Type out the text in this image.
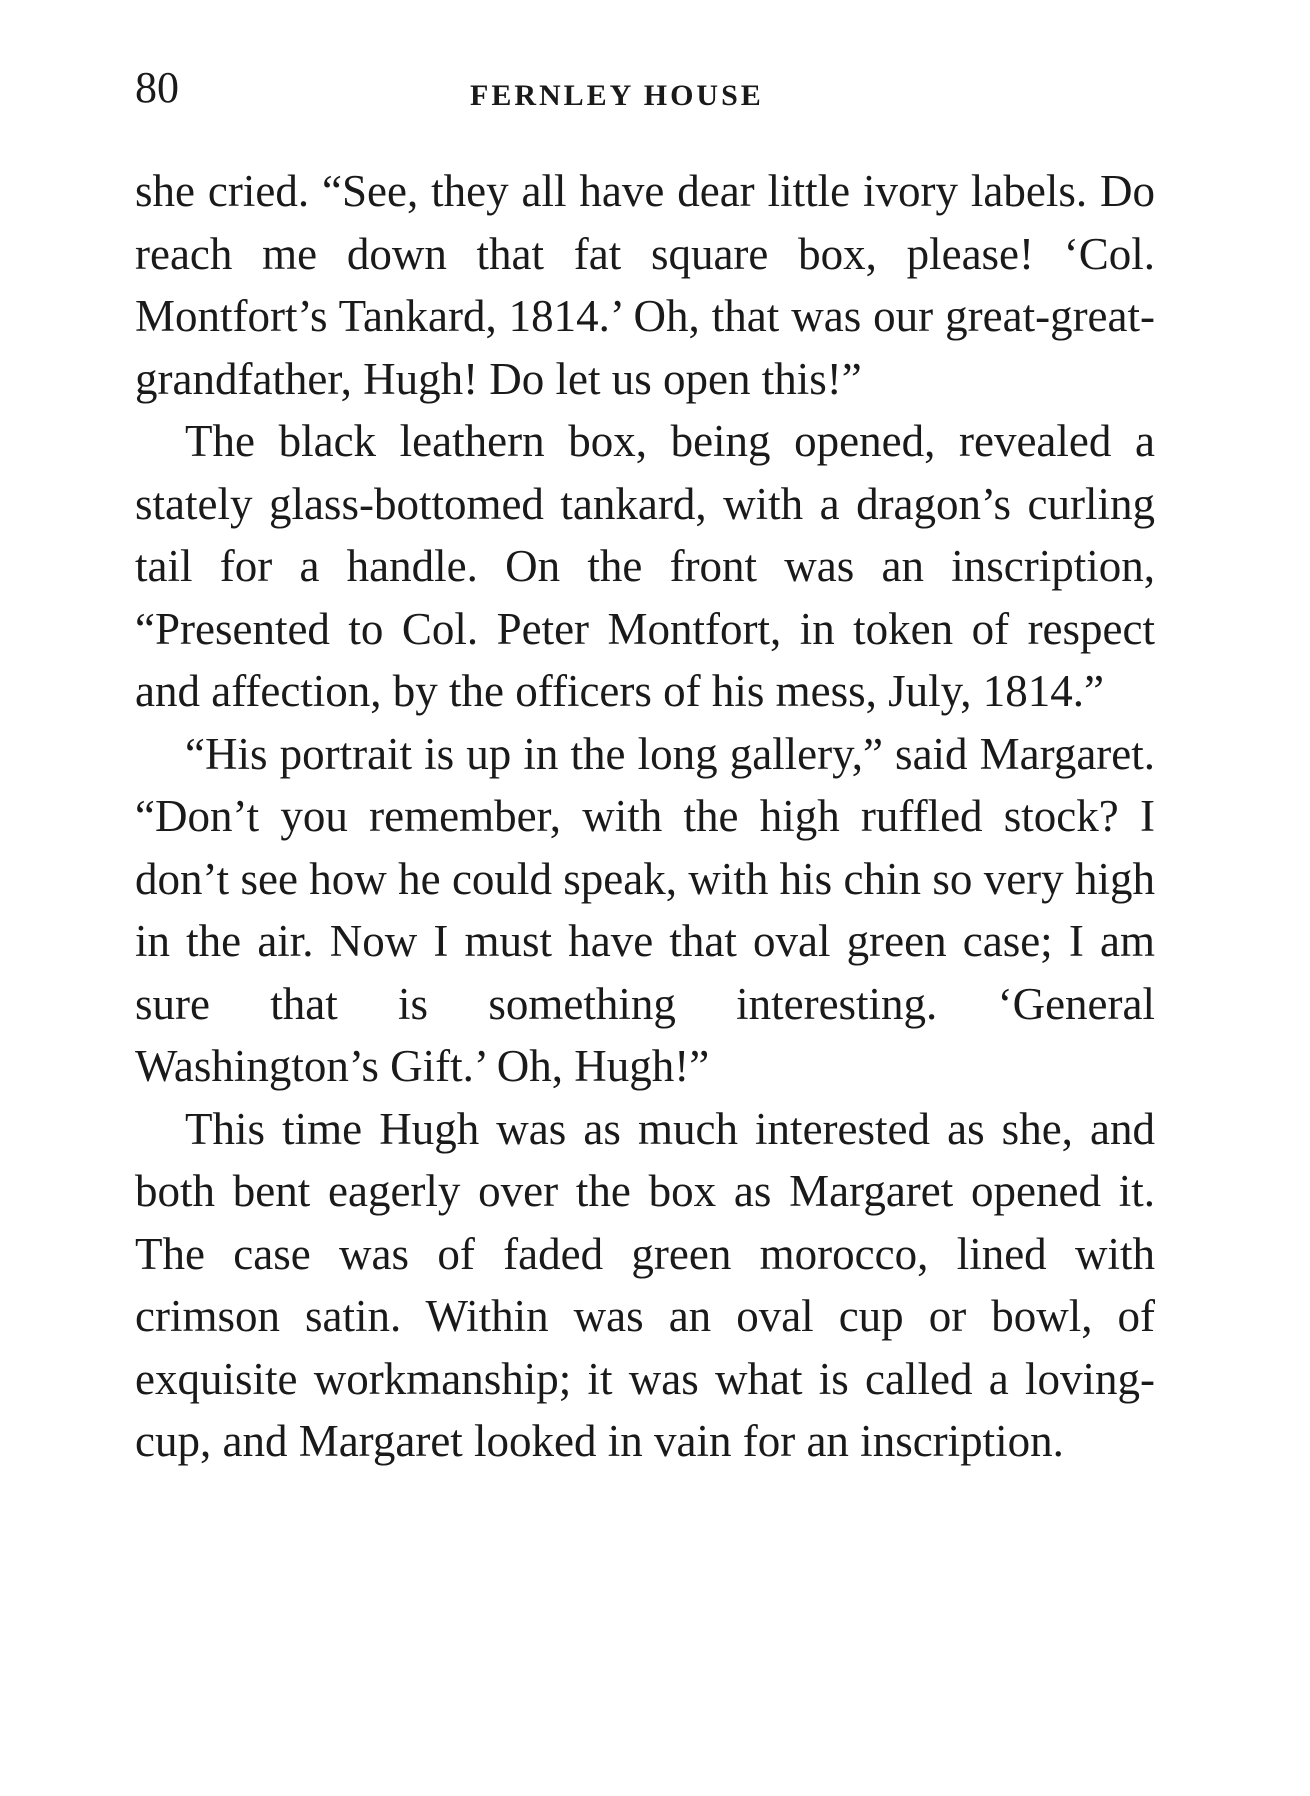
80	FERNLEY HOUSE

she cried. “See, they all have dear little ivory labels. Do reach me down that fat square box, please! ‘Col. Montfort’s Tankard, 1814.’ Oh, that was our great-great-grandfather, Hugh! Do let us open this!”

The black leathern box, being opened, revealed a stately glass-bottomed tankard, with a dragon’s curling tail for a handle. On the front was an inscription, “Presented to Col. Peter Montfort, in token of respect and affection, by the officers of his mess, July, 1814.”

“His portrait is up in the long gallery,” said Margaret. “Don’t you remember, with the high ruffled stock? I don’t see how he could speak, with his chin so very high in the air. Now I must have that oval green case; I am sure that is something interesting. ‘General Washington’s Gift.’ Oh, Hugh!”

This time Hugh was as much interested as she, and both bent eagerly over the box as Margaret opened it. The case was of faded green morocco, lined with crimson satin. Within was an oval cup or bowl, of exquisite workmanship; it was what is called a loving-cup, and Margaret looked in vain for an inscription.
